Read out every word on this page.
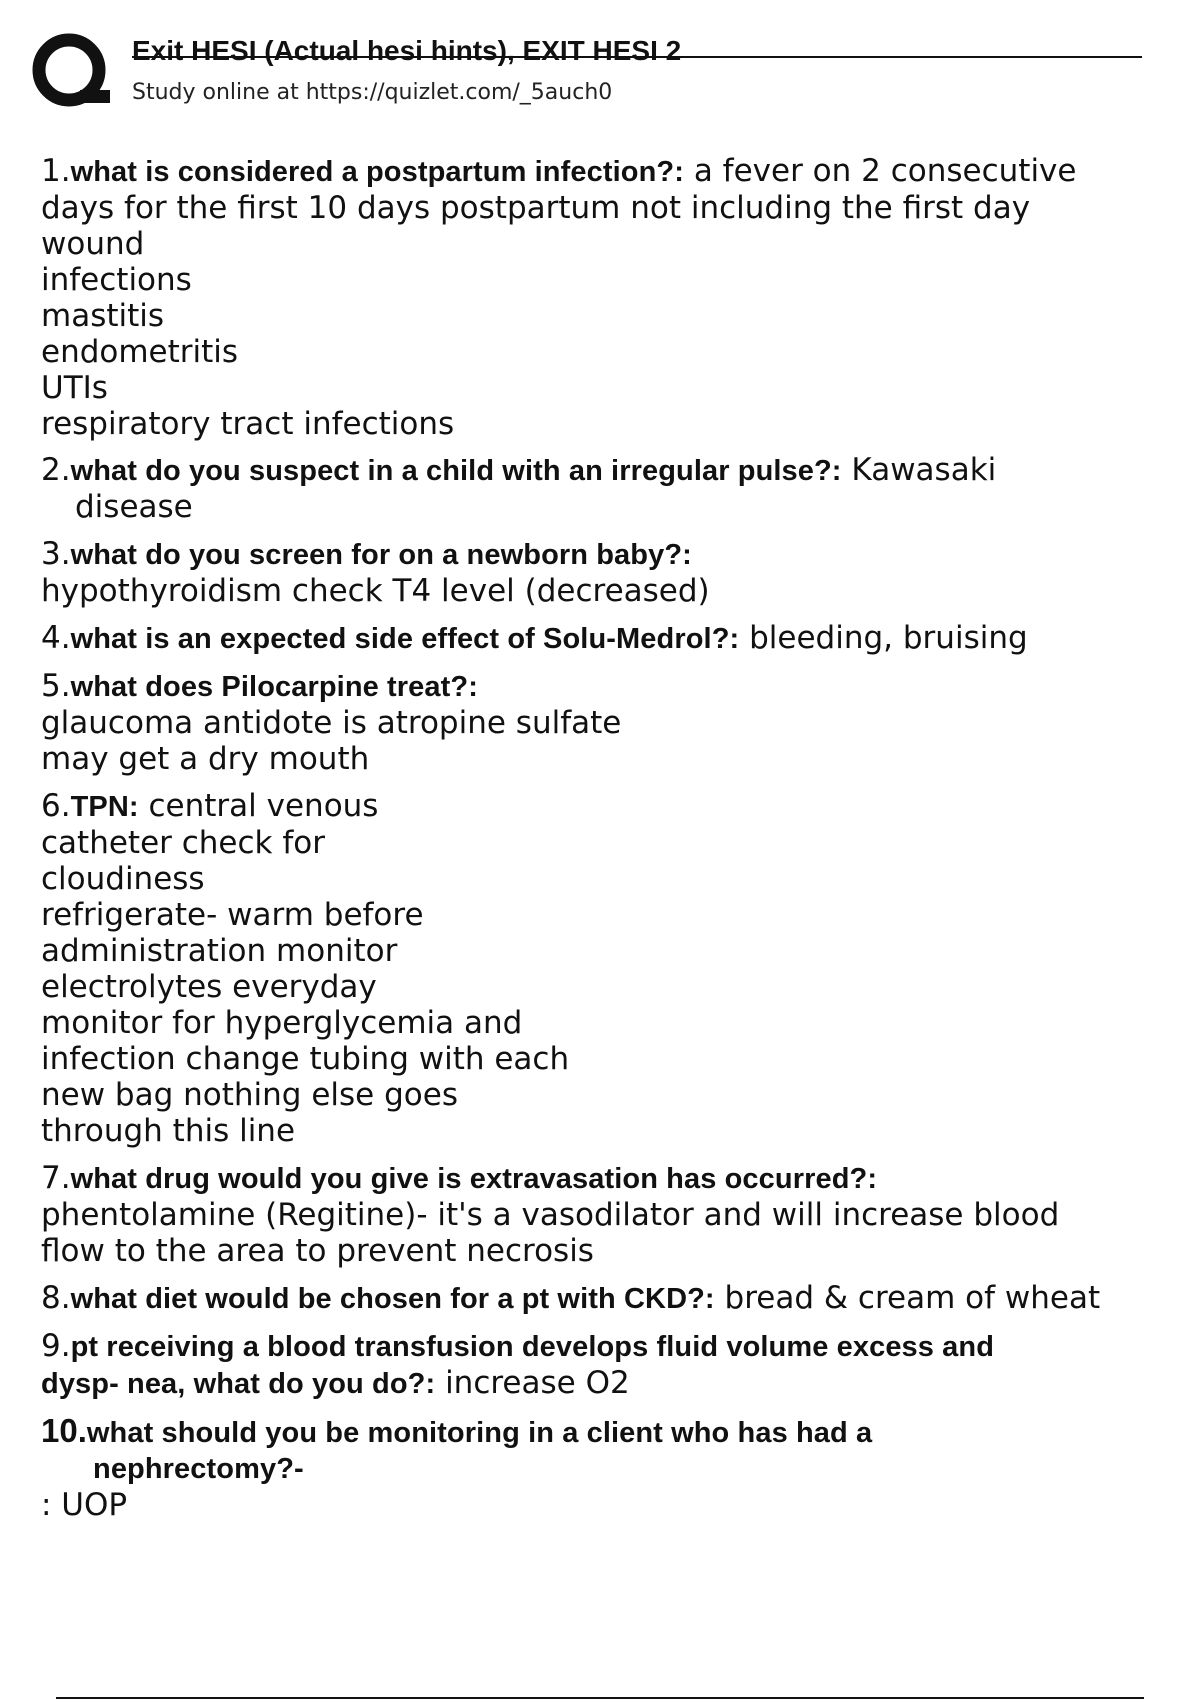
Exit HESI (Actual hesi hints), EXIT HESI 2
Study online at https://quizlet.com/_5auch0
1.what is considered a postpartum infection?: a fever on 2 consecutive
days for the first 10 days postpartum not including the first day
wound
infections
mastitis
endometritis
UTIs
respiratory tract infections
2.what do you suspect in a child with an irregular pulse?: Kawasaki
disease
3.what do you screen for on a newborn baby?:
hypothyroidism check T4 level (decreased)
4.what is an expected side effect of Solu-Medrol?: bleeding, bruising
5.what does Pilocarpine treat?:
glaucoma antidote is atropine sulfate
may get a dry mouth
6.TPN: central venous
catheter check for
cloudiness
refrigerate- warm before
administration monitor
electrolytes everyday
monitor for hyperglycemia and
infection change tubing with each
new bag nothing else goes
through this line
7.what drug would you give is extravasation has occurred?:
phentolamine (Regitine)- it's a vasodilator and will increase blood
flow to the area to prevent necrosis
8.what diet would be chosen for a pt with CKD?: bread & cream of wheat
9.pt receiving a blood transfusion develops fluid volume excess and
dysp- nea, what do you do?: increase O2
10.what should you be monitoring in a client who has had a
nephrectomy?-
: UOP
